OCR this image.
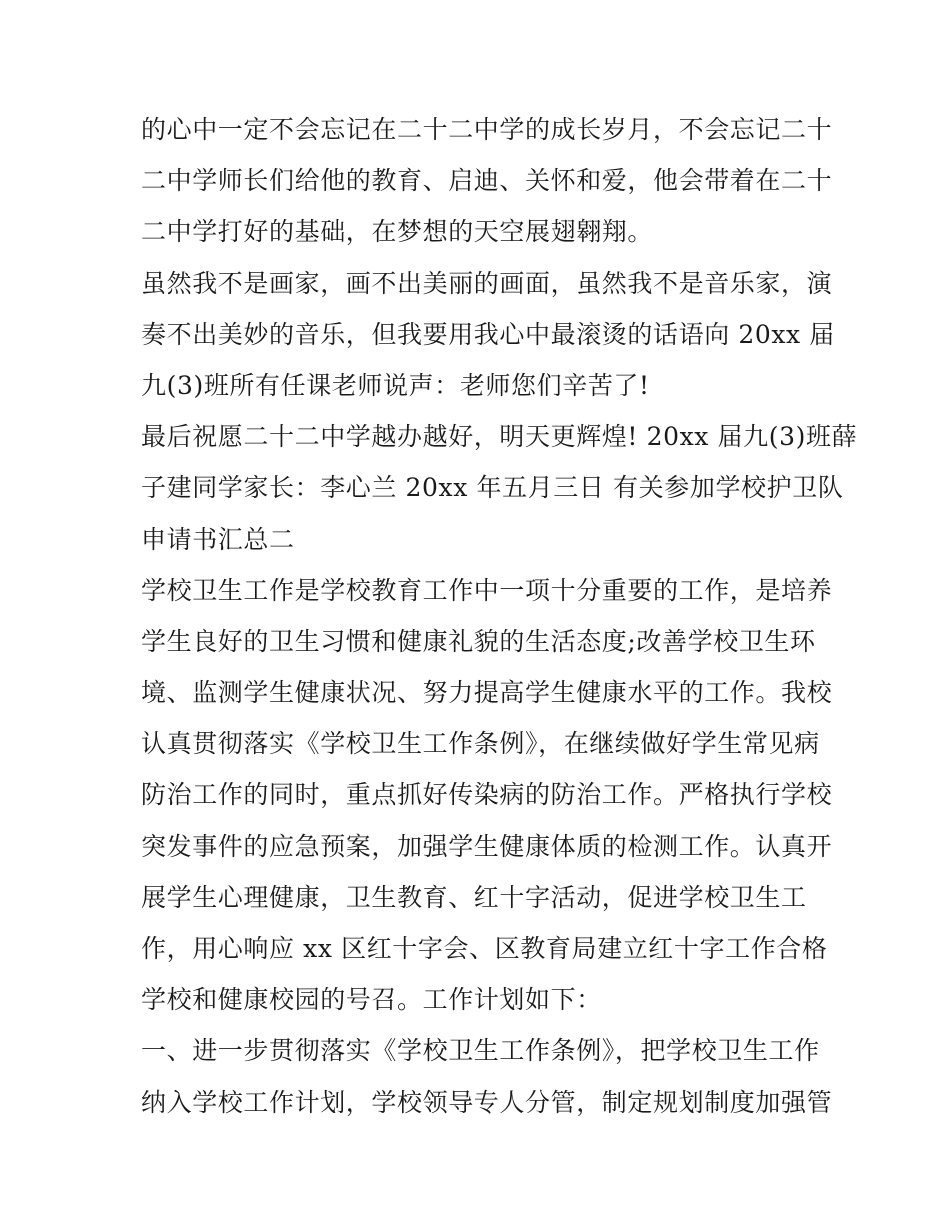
的心中一定不会忘记在二十二中学的成长岁月，不会忘记二十
二中学师长们给他的教育、启迪、关怀和爱，他会带着在二十
二中学打好的基础，在梦想的天空展翅翱翔。
虽然我不是画家，画不出美丽的画面，虽然我不是音乐家，演
奏不出美妙的音乐，但我要用我心中最滚烫的话语向 20xx 届
九(3)班所有任课老师说声：老师您们辛苦了!
最后祝愿二十二中学越办越好，明天更辉煌! 20xx 届九(3)班薛
子建同学家长：李心兰 20xx 年五月三日 有关参加学校护卫队
申请书汇总二
学校卫生工作是学校教育工作中一项十分重要的工作，是培养
学生良好的卫生习惯和健康礼貌的生活态度;改善学校卫生环
境、监测学生健康状况、努力提高学生健康水平的工作。我校
认真贯彻落实《学校卫生工作条例》，在继续做好学生常见病
防治工作的同时，重点抓好传染病的防治工作。严格执行学校
突发事件的应急预案，加强学生健康体质的检测工作。认真开
展学生心理健康，卫生教育、红十字活动，促进学校卫生工
作，用心响应 xx 区红十字会、区教育局建立红十字工作合格
学校和健康校园的号召。工作计划如下：
一、进一步贯彻落实《学校卫生工作条例》，把学校卫生工作
纳入学校工作计划，学校领导专人分管，制定规划制度加强管
